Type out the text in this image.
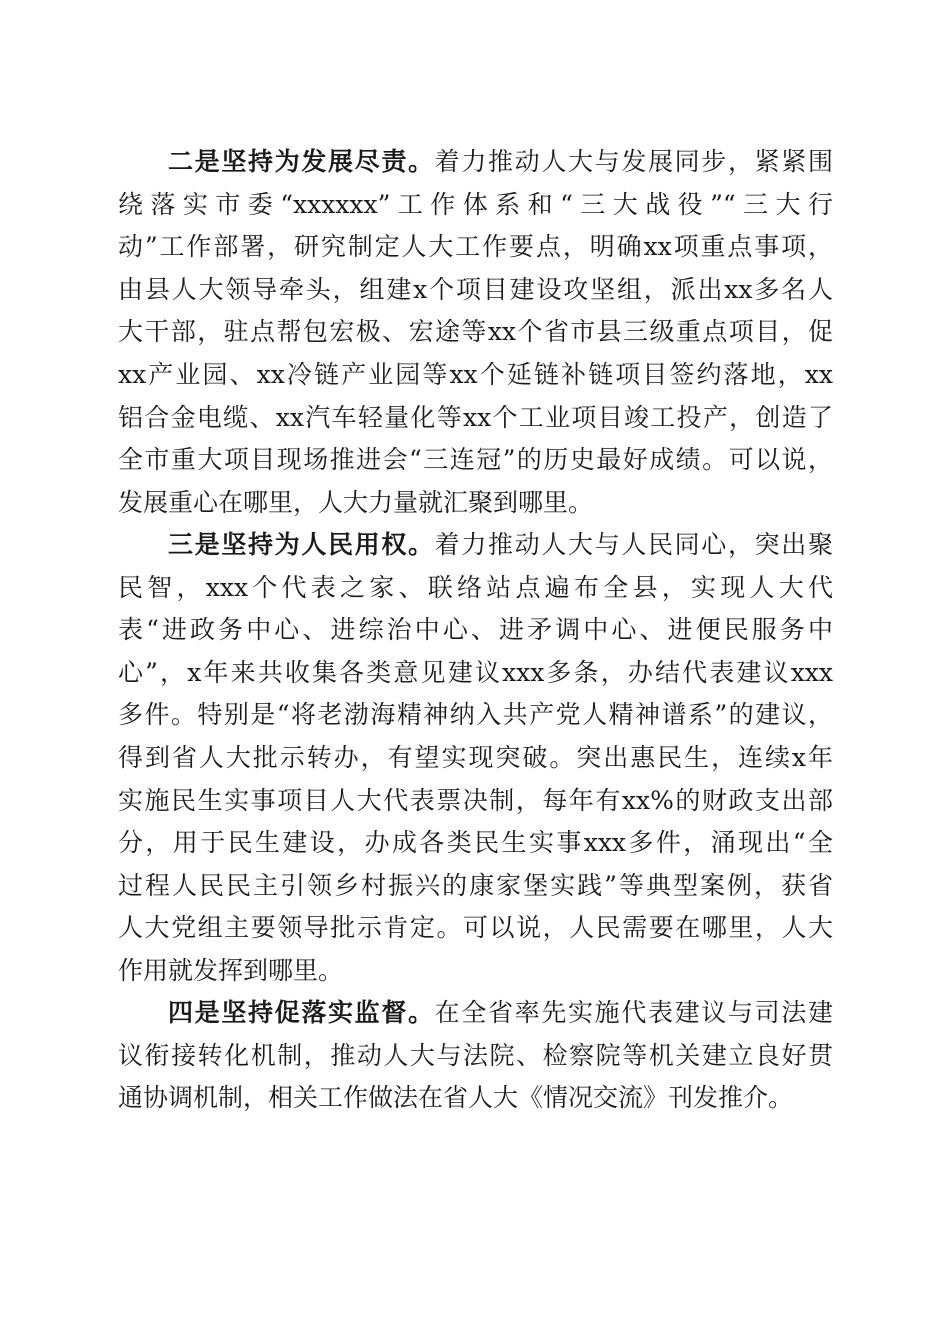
二是坚持为发展尽责。着力推动人大与发展同步，紧紧围
绕落实市委“xxxxxx”工作体系和“三大战役”“三大行
动”工作部署，研究制定人大工作要点，明确xx项重点事项，
由县人大领导牵头，组建x个项目建设攻坚组，派出xx多名人
大干部，驻点帮包宏极、宏途等xx个省市县三级重点项目，促
xx产业园、xx冷链产业园等xx个延链补链项目签约落地，xx
铝合金电缆、xx汽车轻量化等xx个工业项目竣工投产，创造了
全市重大项目现场推进会“三连冠”的历史最好成绩。可以说，
发展重心在哪里，人大力量就汇聚到哪里。
三是坚持为人民用权。着力推动人大与人民同心，突出聚
民智，xxx个代表之家、联络站点遍布全县，实现人大代
表“进政务中心、进综治中心、进矛调中心、进便民服务中
心”，x年来共收集各类意见建议xxx多条，办结代表建议xxx
多件。特别是“将老渤海精神纳入共产党人精神谱系”的建议，
得到省人大批示转办，有望实现突破。突出惠民生，连续x年
实施民生实事项目人大代表票决制，每年有xx%的财政支出部
分，用于民生建设，办成各类民生实事xxx多件，涌现出“全
过程人民民主引领乡村振兴的康家堡实践”等典型案例，获省
人大党组主要领导批示肯定。可以说，人民需要在哪里，人大
作用就发挥到哪里。
四是坚持促落实监督。在全省率先实施代表建议与司法建
议衔接转化机制，推动人大与法院、检察院等机关建立良好贯
通协调机制，相关工作做法在省人大《情况交流》刊发推介。
